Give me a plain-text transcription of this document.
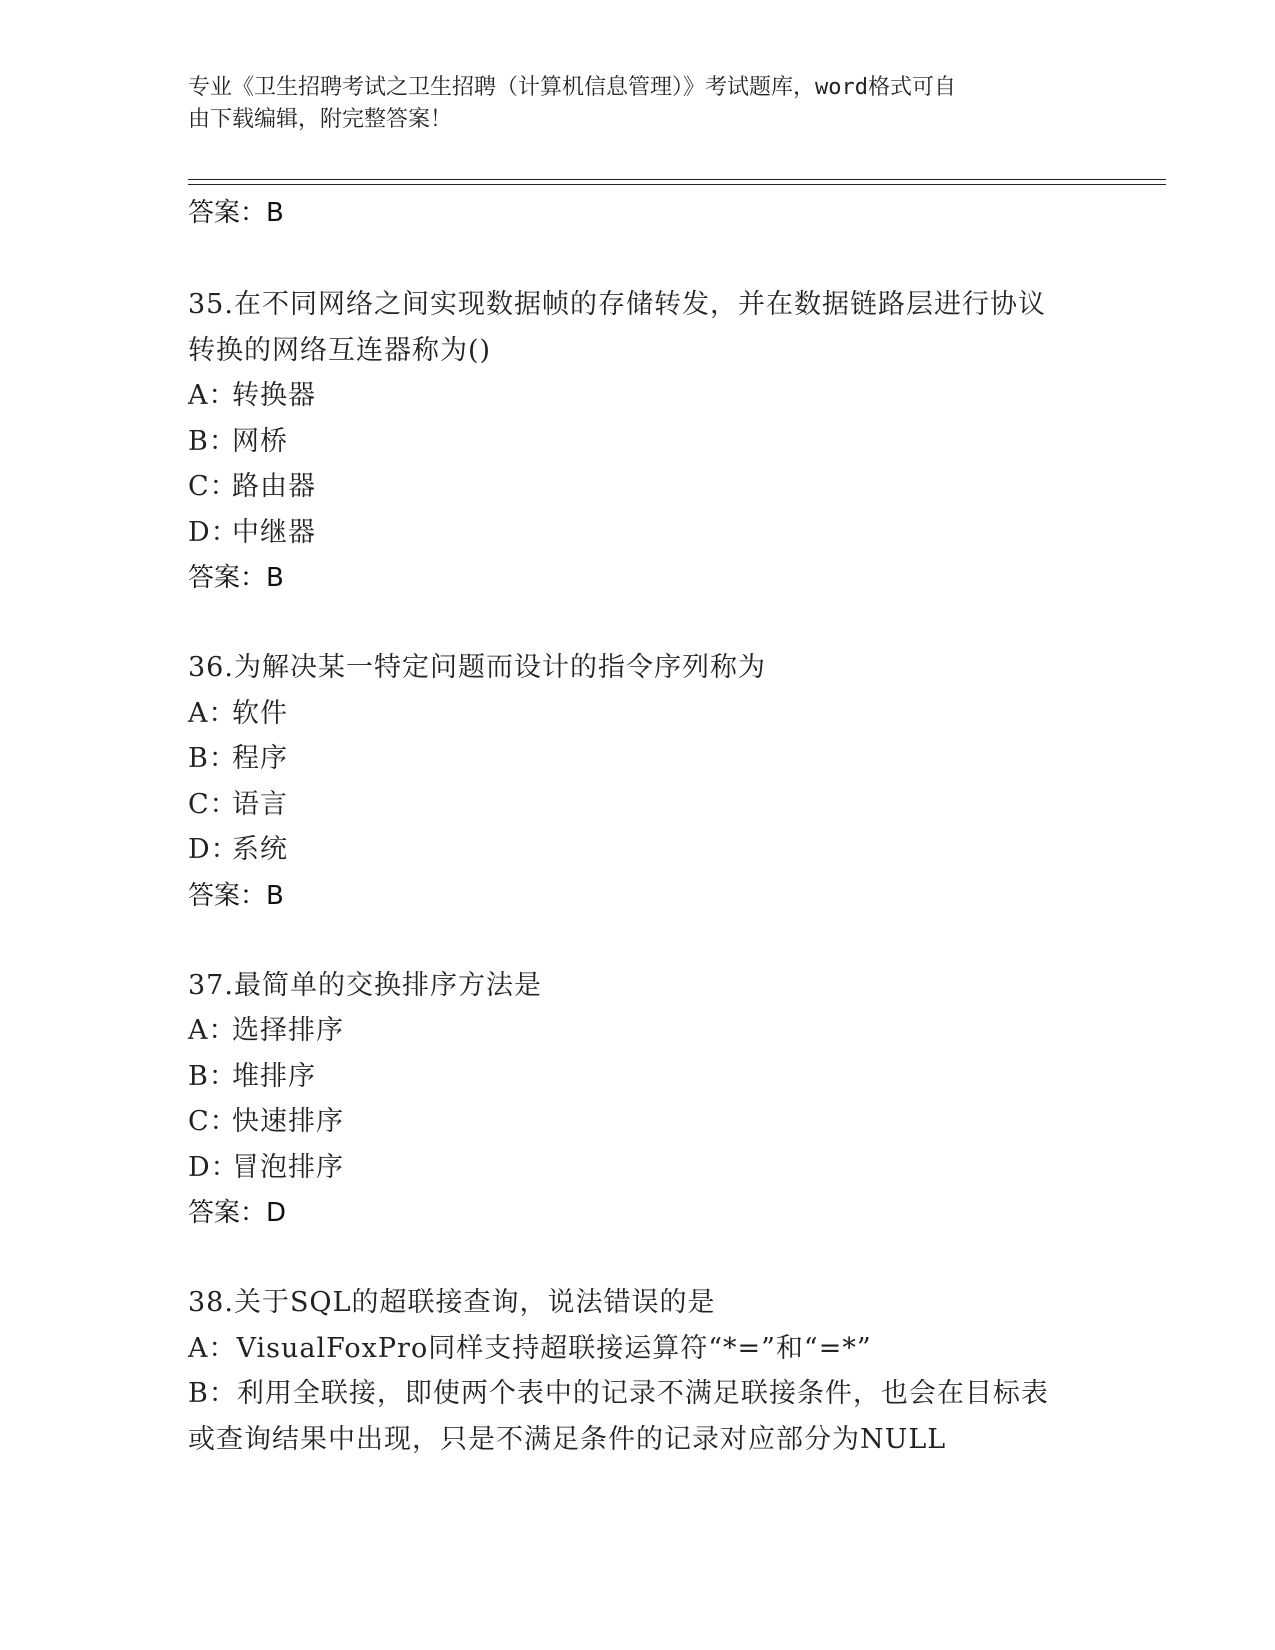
专业《卫生招聘考试之卫生招聘（计算机信息管理）》考试题库，word格式可自
由下载编辑，附完整答案！
答案：B
35.在不同网络之间实现数据帧的存储转发，并在数据链路层进行协议
转换的网络互连器称为()
A：转换器
B：网桥
C：路由器
D：中继器
答案：B
36.为解决某一特定问题而设计的指令序列称为
A：软件
B：程序
C：语言
D：系统
答案：B
37.最简单的交换排序方法是
A：选择排序
B：堆排序
C：快速排序
D：冒泡排序
答案：D
38.关于SQL的超联接查询，说法错误的是
A：VisualFoxPro同样支持超联接运算符“*=”和“=*”
B：利用全联接，即使两个表中的记录不满足联接条件，也会在目标表
或查询结果中出现，只是不满足条件的记录对应部分为NULL
